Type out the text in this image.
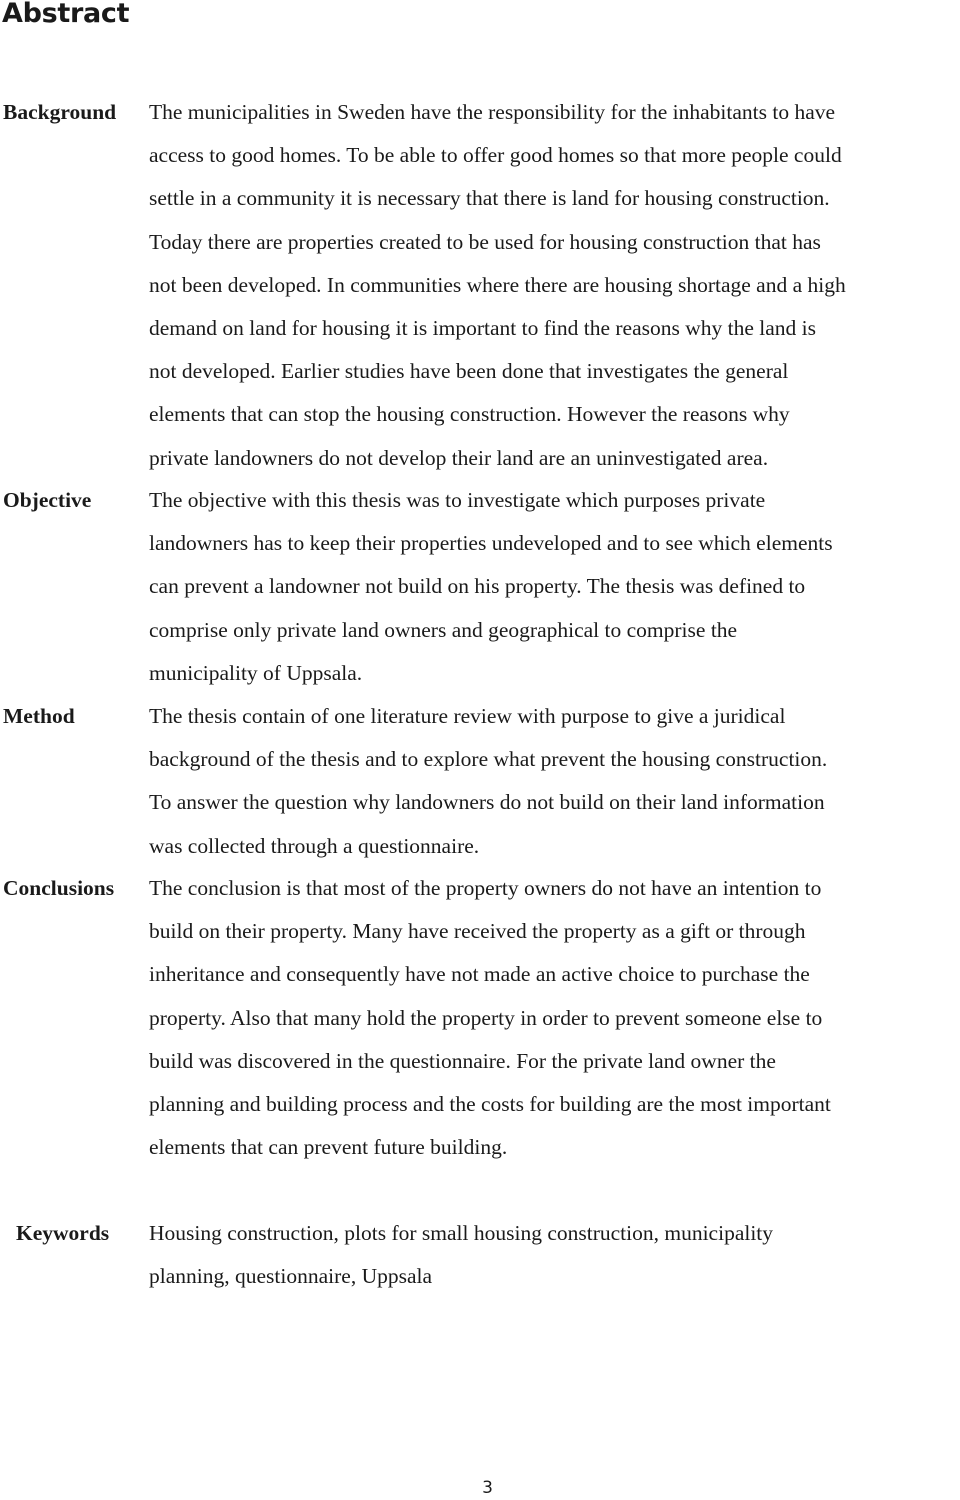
Abstract
Background The municipalities in Sweden have the responsibility for the inhabitants to have
access to good homes. To be able to offer good homes so that more people could
settle in a community it is necessary that there is land for housing construction.
Today there are properties created to be used for housing construction that has
not been developed. In communities where there are housing shortage and a high
demand on land for housing it is important to find the reasons why the land is
not developed. Earlier studies have been done that investigates the general
elements that can stop the housing construction. However the reasons why
private landowners do not develop their land are an uninvestigated area.

Objective	The objective with this thesis was to investigate which purposes private
landowners has to keep their properties undeveloped and to see which elements
can prevent a landowner not build on his property. The thesis was defined to
comprise only private land owners and geographical to comprise the
municipality of Uppsala.

Method	The thesis contain of one literature review with purpose to give a juridical
background of the thesis and to explore what prevent the housing construction.
To answer the question why landowners do not build on their land information
was collected through a questionnaire.

Conclusions The conclusion is that most of the property owners do not have an intention to
build on their property. Many have received the property as a gift or through
inheritance and consequently have not made an active choice to purchase the
property. Also that many hold the property in order to prevent someone else to
build was discovered in the questionnaire. For the private land owner the
planning and building process and the costs for building are the most important
elements that can prevent future building.

Keywords Housing construction, plots for small housing construction, municipality
planning, questionnaire, Uppsala

3
